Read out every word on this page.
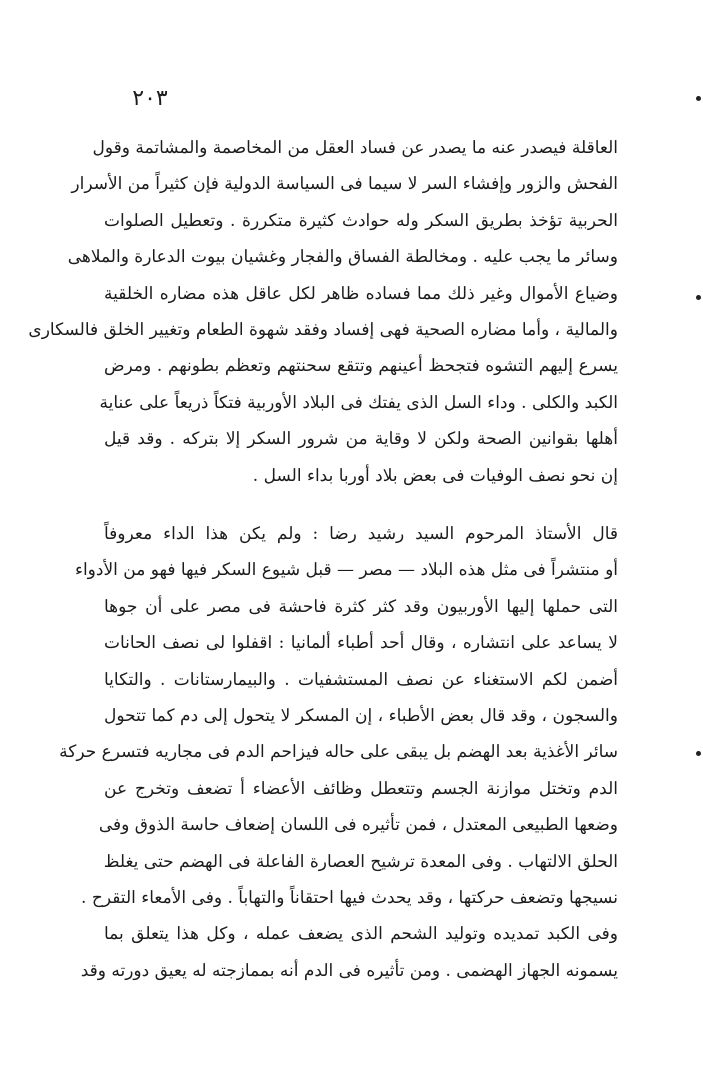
٢٠٣
العاقلة فيصدر عنه ما يصدر عن فساد العقل من المخاصمة والمشاتمة وقول
الفحش والزور وإفشاء السر لا سيما فى السياسة الدولية فإن كثيراً من الأسرار
الحربية تؤخذ بطريق السكر وله حوادث كثيرة متكررة . وتعطيل الصلوات
وسائر ما يجب عليه . ومخالطة الفساق والفجار وغشيان بيوت الدعارة والملاهى
وضياع الأموال وغير ذلك مما فساده ظاهر لكل عاقل هذه مضاره الخلقية
والمالية ، وأما مضاره الصحية فهى إفساد وفقد شهوة الطعام وتغيير الخلق فالسكارى
يسرع إليهم التشوه فتجحظ أعينهم وتتقع سحنتهم وتعظم بطونهم . ومرض
الكبد والكلى . وداء السل الذى يفتك فى البلاد الأوربية فتكاً ذريعاً على عناية
أهلها بقوانين الصحة ولكن لا وقاية من شرور السكر إلا بتركه . وقد قيل
إن نحو نصف الوفيات فى بعض بلاد أوربا بداء السل .
قال الأستاذ المرحوم السيد رشيد رضا : ولم يكن هذا الداء معروفاً
أو منتشراً فى مثل هذه البلاد — مصر — قبل شيوع السكر فيها فهو من الأدواء
التى حملها إليها الأوربيون وقد كثر كثرة فاحشة فى مصر على أن جوها
لا يساعد على انتشاره ، وقال أحد أطباء ألمانيا : اقفلوا لى نصف الحانات
أضمن لكم الاستغناء عن نصف المستشفيات . والبيمارستانات . والتكايا
والسجون ، وقد قال بعض الأطباء ، إن المسكر لا يتحول إلى دم كما تتحول
سائر الأغذية بعد الهضم بل يبقى على حاله فيزاحم الدم فى مجاريه فتسرع حركة
الدم وتختل موازنة الجسم وتتعطل وظائف الأعضاء أ تضعف وتخرج عن
وضعها الطبيعى المعتدل ، فمن تأثيره فى اللسان إضعاف حاسة الذوق وفى
الحلق الالتهاب . وفى المعدة ترشيح العصارة الفاعلة فى الهضم حتى يغلظ
نسيجها وتضعف حركتها ، وقد يحدث فيها احتقاناً والتهاباً . وفى الأمعاء التقرح .
وفى الكبد تمديده وتوليد الشحم الذى يضعف عمله ، وكل هذا يتعلق بما
يسمونه الجهاز الهضمى . ومن تأثيره فى الدم أنه بممازجته له يعيق دورته وقد
